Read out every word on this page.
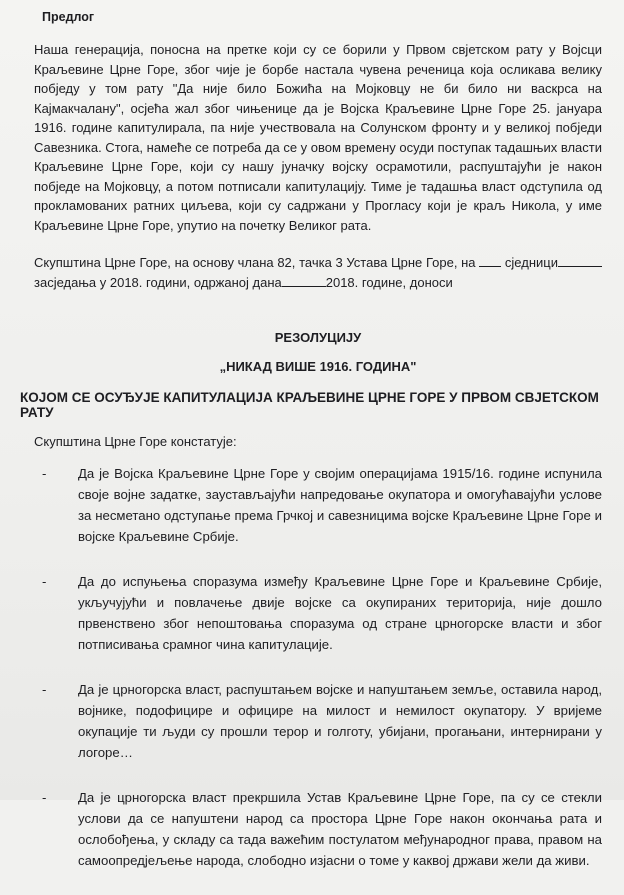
Предлог

Наша генерација, поносна на претке који су се борили у Првом свјетском рату у Војсци Краљевине Црне Горе, због чије је борбе настала чувена реченица која осликава велику побједу у том рату "Да није било Божића на Мојковцу не би било ни васкрса на Кајмакчалану", осјећа жал због чињенице да је Војска Краљевине Црне Горе 25. јануара 1916. године капитулирала, па није учествовала на Солунском фронту и у великој побједи Савезника. Стога, намеће се потреба да се у овом времену осуди поступак тадашњих власти Краљевине Црне Горе, који су нашу јуначку војску осрамотили, распуштајући је након побједе на Мојковцу, а потом потписали капитулацију. Тиме је тадашња власт одступила од прокламованих ратних циљева, који су садржани у Прогласу који је краљ Никола, у име Краљевине Црне Горе, упутио на почетку Великог рата.

Скупштина Црне Горе, на основу члана 82, тачка 3 Устава Црне Горе, на сједницизасједања у 2018. години, одржаној дана	2018. године, доноси

РЕЗОЛУЦИЈУ
„НИКАД ВИШЕ 1916. ГОДИНА"
КОЈОМ СЕ ОСУЂУЈЕ КАПИТУЛАЦИЈА КРАЉЕВИНЕ ЦРНЕ ГОРЕ У ПРВОМ СВЈЕТСКОМ РАТУ
Скупштина Црне Горе констатује:
- Да је Војска Краљевине Црне Горе у својим операцијама 1915/16. године испунила своје војне задатке, заустављајући напредовање окупатора и омогућавајући услове за несметано одступање према Грчкој и савезницима војске Краљевине Црне Горе и војске Краљевине Србије.
- Да до испуњења споразума између Краљевине Црне Горе и Краљевине Србије, укључујући и повлачење двије војске са окупираних територија, није дошло првенствено због непоштовања споразума од стране црногорске власти и због потписивања срамног чина капитулације.
- Да је црногорска власт, распуштањем војске и напуштањем земље, оставила народ, војнике, подофицире и официре на милост и немилост окупатору. У вријеме окупације ти људи су прошли терор и голготу, убијани, прогањани, интернирани у логоре…
- Да је црногорска власт прекршила Устав Краљевине Црне Горе, па су се стекли услови да се напуштени народ са простора Црне Горе након окончања рата и ослобођења, у складу са тада важећим постулатом међународног права, правом на самоопредјељење народа, слободно изјасни о томе у каквој држави жели да живи.
